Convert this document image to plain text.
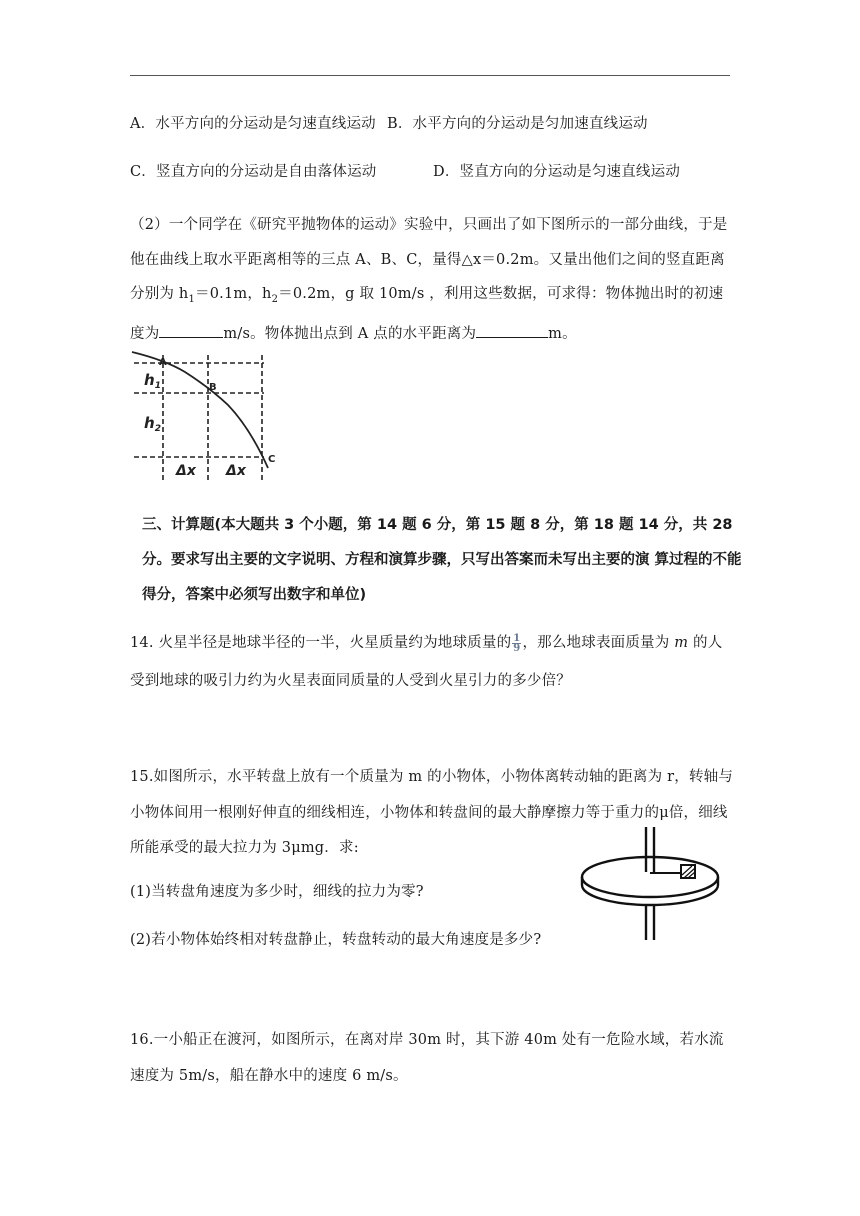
A．水平方向的分运动是匀速直线运动 B．水平方向的分运动是匀加速直线运动
C．竖直方向的分运动是自由落体运动	D．竖直方向的分运动是匀速直线运动
（2）一个同学在《研究平抛物体的运动》实验中，只画出了如下图所示的一部分曲线，于是他在曲线上取水平距离相等的三点 A、B、C，量得△x＝0.2m。又量出他们之间的竖直距离分别为 $h_1=0.1m$，$h_2=0.2m$，g 取 10m/s ，利用这些数据，可求得：物体抛出时的初速度为	m/s。物体抛出点到 A 点的水平距离为	m。
A
B
C
$h_1$
$h_2$
Δx Δx
三、计算题(本大题共 3 个小题，第 14 题 6 分，第 15 题 8 分，第 18 题 14 分，共 28 分。要求写出主要的文字说明、方程和演算步骤，只写出答案而未写出主要的演 算过程的不能得分，答案中必须写出数字和单位)
14. 火星半径是地球半径的一半，火星质量约为地球质量的 $\frac{1}{9}$ ，那么地球表面质量为 m 的人受到地球的吸引力约为火星表面同质量的人受到火星引力的多少倍？
15.如图所示，水平转盘上放有一个质量为 m 的小物体，小物体离转动轴的距离为 r，转轴与小物体间用一根刚好伸直的细线相连，小物体和转盘间的最大静摩擦力等于重力的μ倍，细线所能承受的最大拉力为 3μmg．求:
(1)当转盘角速度为多少时，细线的拉力为零?
(2)若小物体始终相对转盘静止，转盘转动的最大角速度是多少?
16.一小船正在渡河，如图所示，在离对岸 30m 时，其下游 40m 处有一危险水域，若水流速度为 5m/s，船在静水中的速度 6 m/s。
